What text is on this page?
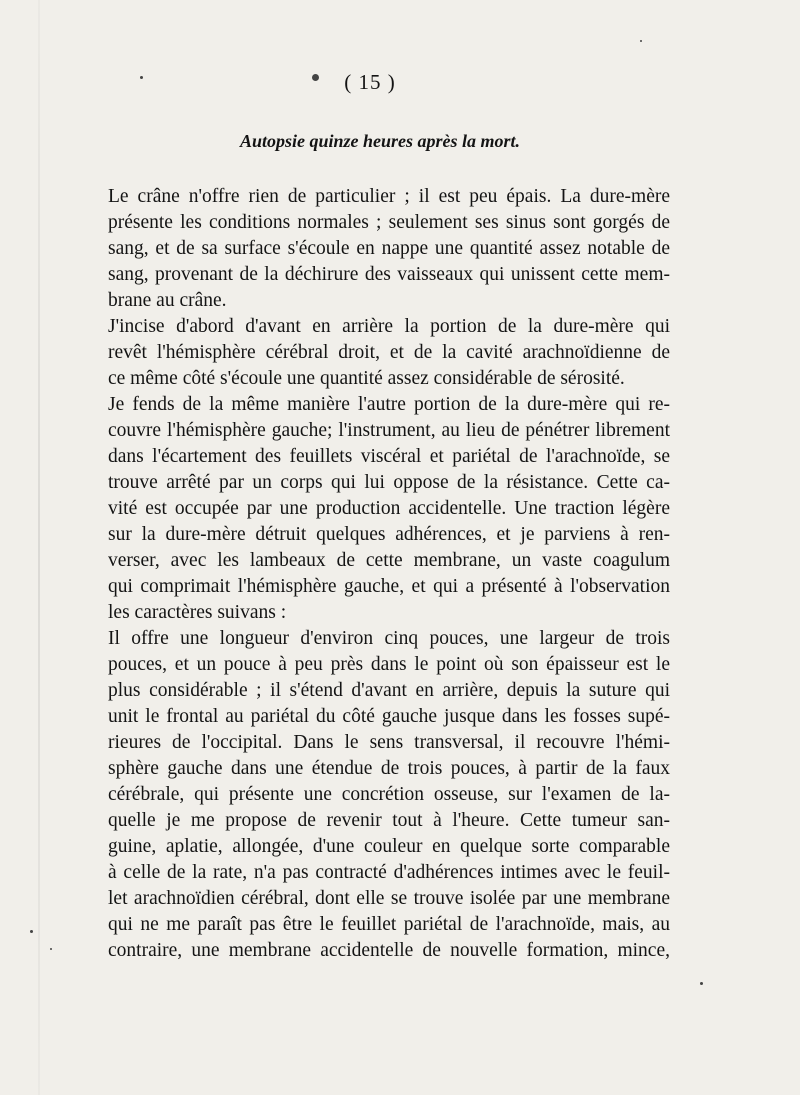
( 15 )
Autopsie quinze heures après la mort.
Le crâne n'offre rien de particulier ; il est peu épais. La dure-mère
présente les conditions normales ; seulement ses sinus sont gorgés de
sang, et de sa surface s'écoule en nappe une quantité assez notable de
sang, provenant de la déchirure des vaisseaux qui unissent cette mem-
brane au crâne.
J'incise d'abord d'avant en arrière la portion de la dure-mère qui
revêt l'hémisphère cérébral droit, et de la cavité arachnoïdienne de
ce même côté s'écoule une quantité assez considérable de sérosité.
Je fends de la même manière l'autre portion de la dure-mère qui re-
couvre l'hémisphère gauche; l'instrument, au lieu de pénétrer librement
dans l'écartement des feuillets viscéral et pariétal de l'arachnoïde, se
trouve arrêté par un corps qui lui oppose de la résistance. Cette ca-
vité est occupée par une production accidentelle. Une traction légère
sur la dure-mère détruit quelques adhérences, et je parviens à ren-
verser, avec les lambeaux de cette membrane, un vaste coagulum
qui comprimait l'hémisphère gauche, et qui a présenté à l'observation
les caractères suivans :
Il offre une longueur d'environ cinq pouces, une largeur de trois
pouces, et un pouce à peu près dans le point où son épaisseur est le
plus considérable ; il s'étend d'avant en arrière, depuis la suture qui
unit le frontal au pariétal du côté gauche jusque dans les fosses supé-
rieures de l'occipital. Dans le sens transversal, il recouvre l'hémi-
sphère gauche dans une étendue de trois pouces, à partir de la faux
cérébrale, qui présente une concrétion osseuse, sur l'examen de la-
quelle je me propose de revenir tout à l'heure. Cette tumeur san-
guine, aplatie, allongée, d'une couleur en quelque sorte comparable
à celle de la rate, n'a pas contracté d'adhérences intimes avec le feuil-
let arachnoïdien cérébral, dont elle se trouve isolée par une membrane
qui ne me paraît pas être le feuillet pariétal de l'arachnoïde, mais, au
contraire, une membrane accidentelle de nouvelle formation, mince,
